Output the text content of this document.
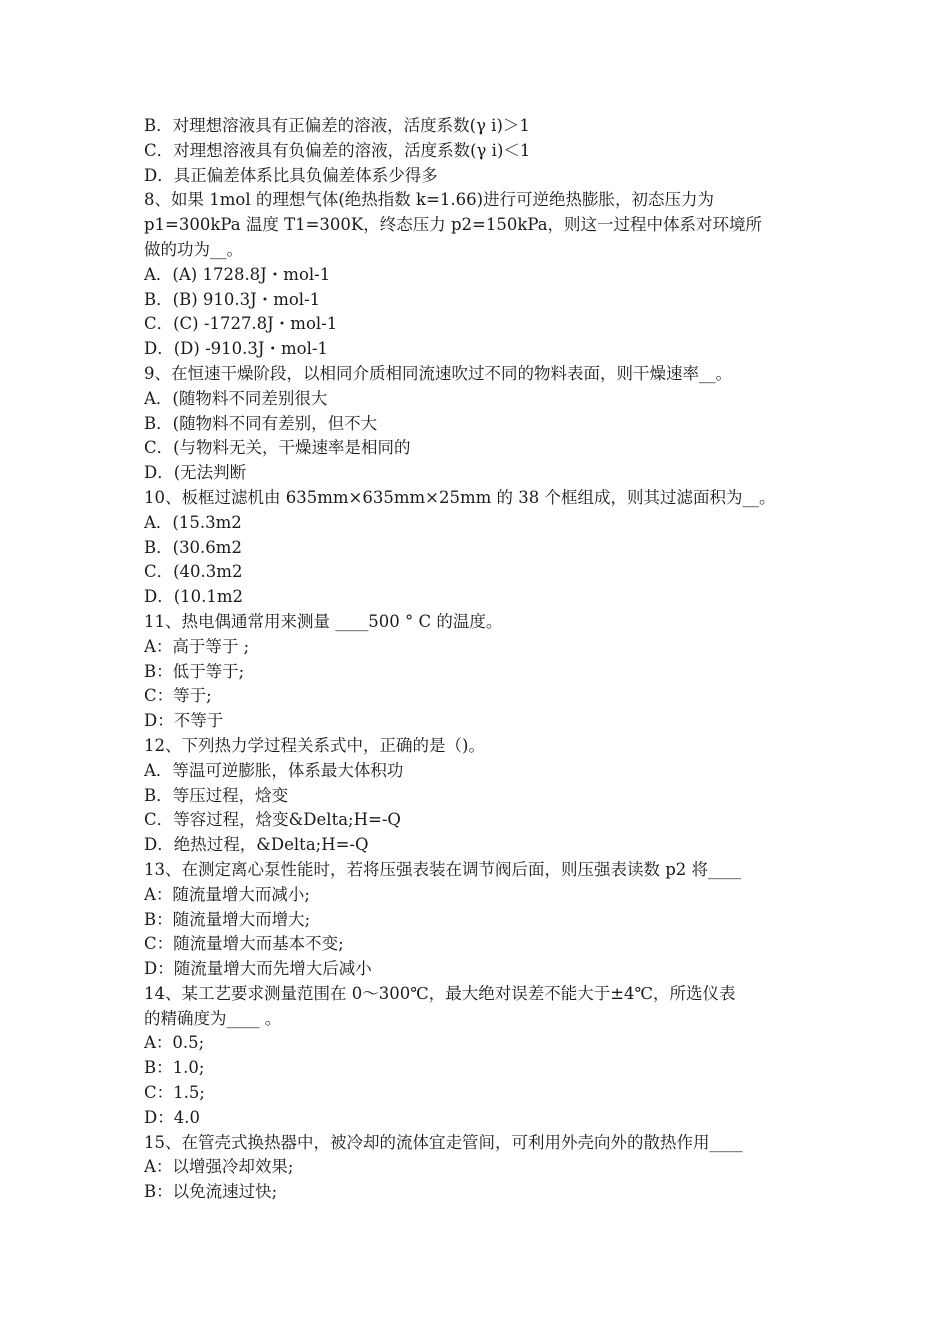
B．对理想溶液具有正偏差的溶液，活度系数(γ i)＞1
C．对理想溶液具有负偏差的溶液，活度系数(γ i)＜1
D．具正偏差体系比具负偏差体系少得多
8、如果 1mol 的理想气体(绝热指数 k=1.66)进行可逆绝热膨胀，初态压力为
p1=300kPa 温度 T1=300K，终态压力 p2=150kPa，则这一过程中体系对环境所
做的功为__。
A．(A) 1728.8J・mol-1
B．(B) 910.3J・mol-1
C．(C) -1727.8J・mol-1
D．(D) -910.3J・mol-1
9、在恒速干燥阶段，以相同介质相同流速吹过不同的物料表面，则干燥速率__。
A．(随物料不同差别很大
B．(随物料不同有差别，但不大
C．(与物料无关，干燥速率是相同的
D．(无法判断
10、板框过滤机由 635mm×635mm×25mm 的 38 个框组成，则其过滤面积为__。
A．(15.3m2
B．(30.6m2
C．(40.3m2
D．(10.1m2
11、热电偶通常用来测量 ____500 ° C 的温度。
A：高于等于 ;
B：低于等于;
C：等于;
D：不等于
12、下列热力学过程关系式中，正确的是（)。
A．等温可逆膨胀，体系最大体积功
B．等压过程，焓变
C．等容过程，焓变&Delta;H=-Q
D．绝热过程，&Delta;H=-Q
13、在测定离心泵性能时，若将压强表装在调节阀后面，则压强表读数 p2 将____
A：随流量增大而减小;
B：随流量增大而增大;
C：随流量增大而基本不变;
D：随流量增大而先增大后减小
14、某工艺要求测量范围在 0～300℃，最大绝对误差不能大于±4℃，所选仪表
的精确度为____ 。
A：0.5;
B：1.0;
C：1.5;
D：4.0
15、在管壳式换热器中，被冷却的流体宜走管间，可利用外壳向外的散热作用____
A：以增强冷却效果;
B：以免流速过快;
